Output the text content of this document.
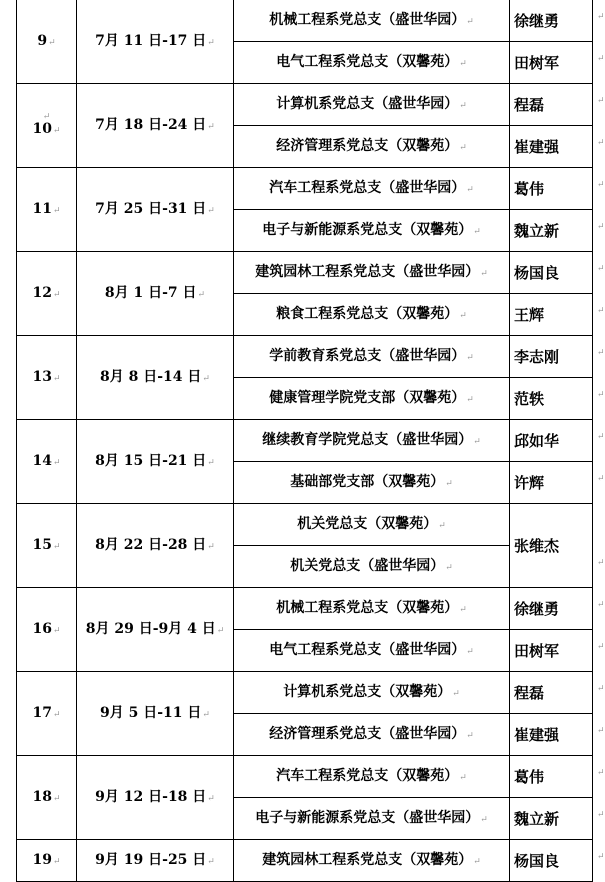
9↵	7月 11 日-17 日↵	机械工程系党总支（盛世华园）↵	徐继勇
		电气工程系党总支（双馨苑）↵	田树军

↵
10↵	7月 18 日-24 日↵	计算机系党总支（盛世华园）↵	程磊
		经济管理系党总支（双馨苑）↵	崔建强
11↵	7月 25 日-31 日↵	汽车工程系党总支（盛世华园）↵	葛伟
		电子与新能源系党总支（双馨苑）↵	魏立新
12↵	8月 1 日-7 日↵	建筑园林工程系党总支（盛世华园）↵	杨国良
		粮食工程系党总支（双馨苑）↵	王辉
13↵	8月 8 日-14 日↵	学前教育系党总支（盛世华园）↵	李志刚
		健康管理学院党支部（双馨苑）↵	范轶
14↵	8月 15 日-21 日↵	继续教育学院党总支（盛世华园）↵	邱如华
		基础部党支部（双馨苑）↵	许辉
15↵	8月 22 日-28 日↵	机关党总支（双馨苑）↵	张维杰
		机关党总支（盛世华园）↵	
16↵	8月 29 日-9月 4 日↵	机械工程系党总支（双馨苑）↵	徐继勇
		电气工程系党总支（盛世华园）↵	田树军
17↵	9月 5 日-11 日↵	计算机系党总支（双馨苑）↵	程磊
		经济管理系党总支（盛世华园）↵	崔建强
18↵	9月 12 日-18 日↵	汽车工程系党总支（双馨苑）↵	葛伟
		电子与新能源系党总支（盛世华园）↵	魏立新
19↵	9月 19 日-25 日↵	建筑园林工程系党总支（双馨苑）↵	杨国良
↵
↵
↵
↵
↵
↵
↵
↵
↵
↵
↵
↵
↵
↵
↵
↵
↵
↵
↵
↵
